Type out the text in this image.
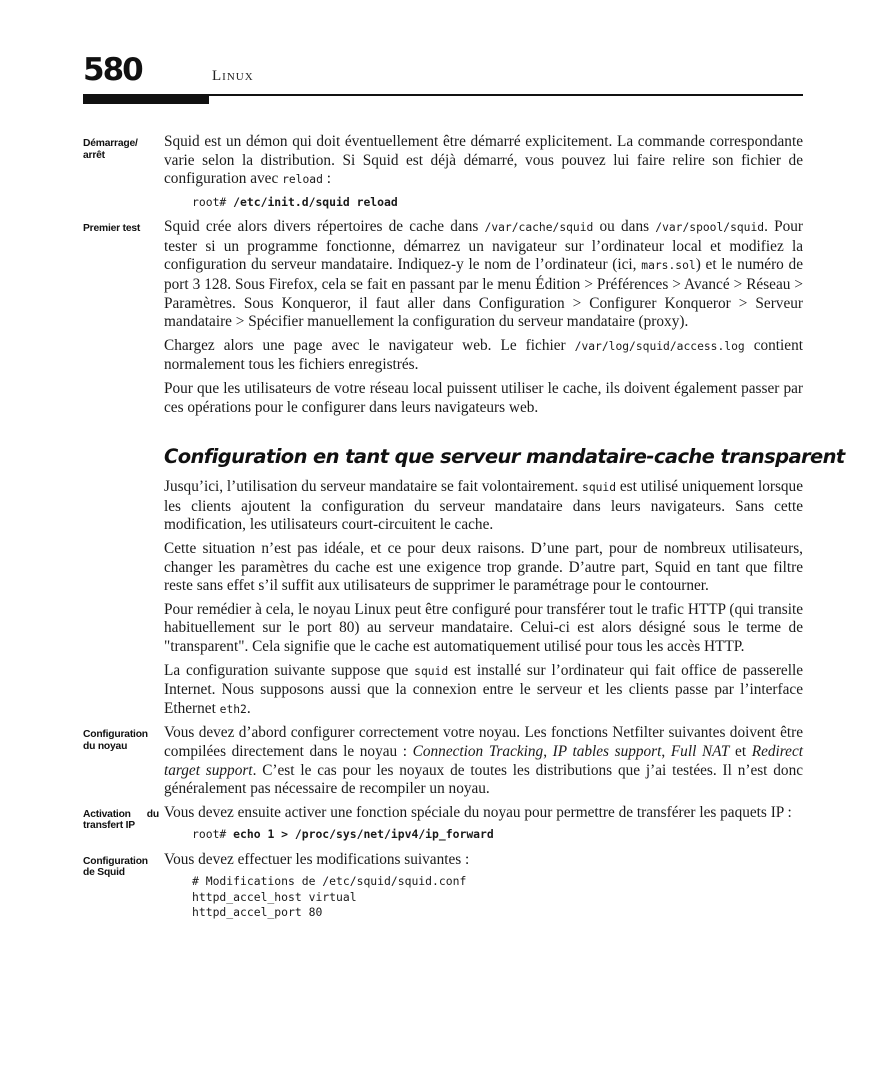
580	Linux

Démarrage/ arrêt
Squid est un démon qui doit éventuellement être démarré explicitement. La commande correspondante varie selon la distribution. Si Squid est déjà démarré, vous pouvez lui faire relire son fichier de configuration avec reload :

root# /etc/init.d/squid reload

Premier test	Squid crée alors divers répertoires de cache dans /var/cache/squid ou dans /var/spool/squid. Pour tester si un programme fonctionne, démarrez un navigateur sur l’ordinateur local et modifiez la configuration du serveur mandataire. Indiquez-y le nom de l’ordinateur (ici, mars.sol) et le numéro de port 3 128. Sous Firefox, cela se fait en passant par le menu Édition > Préférences > Avancé > Réseau > Paramètres. Sous Konqueror, il faut aller dans Configuration > Configurer Konqueror > Serveur mandataire > Spécifier manuellement la configuration du serveur mandataire (proxy).

Chargez alors une page avec le navigateur web. Le fichier /var/log/squid/access.log contient normalement tous les fichiers enregistrés.

Pour que les utilisateurs de votre réseau local puissent utiliser le cache, ils doivent également passer par ces opérations pour le configurer dans leurs navigateurs web.

Configuration en tant que serveur mandataire-cache transparent

Jusqu’ici, l’utilisation du serveur mandataire se fait volontairement. squid est utilisé uniquement lorsque les clients ajoutent la configuration du serveur mandataire dans leurs navigateurs. Sans cette modification, les utilisateurs court-circuitent le cache.

Cette situation n’est pas idéale, et ce pour deux raisons. D’une part, pour de nombreux utilisateurs, changer les paramètres du cache est une exigence trop grande. D’autre part, Squid en tant que filtre reste sans effet s’il suffit aux utilisateurs de supprimer le paramétrage pour le contourner.

Pour remédier à cela, le noyau Linux peut être configuré pour transférer tout le trafic HTTP (qui transite habituellement sur le port 80) au serveur mandataire. Celui-ci est alors désigné sous le terme de "transparent". Cela signifie que le cache est automatiquement utilisé pour tous les accès HTTP.

La configuration suivante suppose que squid est installé sur l’ordinateur qui fait office de passerelle Internet. Nous supposons aussi que la connexion entre le serveur et les clients passe par l’interface Ethernet eth2.

Configuration du noyau
Vous devez d’abord configurer correctement votre noyau. Les fonctions Netfilter suivantes doivent être compilées directement dans le noyau : Connection Tracking, IP tables support, Full NAT et Redirect target support. C’est le cas pour les noyaux de toutes les distributions que j’ai testées. Il n’est donc généralement pas nécessaire de recompiler un noyau.

Activation du transfert IP
Vous devez ensuite activer une fonction spéciale du noyau pour permettre de transférer les paquets IP :

root# echo 1 > /proc/sys/net/ipv4/ip_forward

Configuration de Squid
Vous devez effectuer les modifications suivantes :

# Modifications de /etc/squid/squid.conf
httpd_accel_host virtual
httpd_accel_port 80
